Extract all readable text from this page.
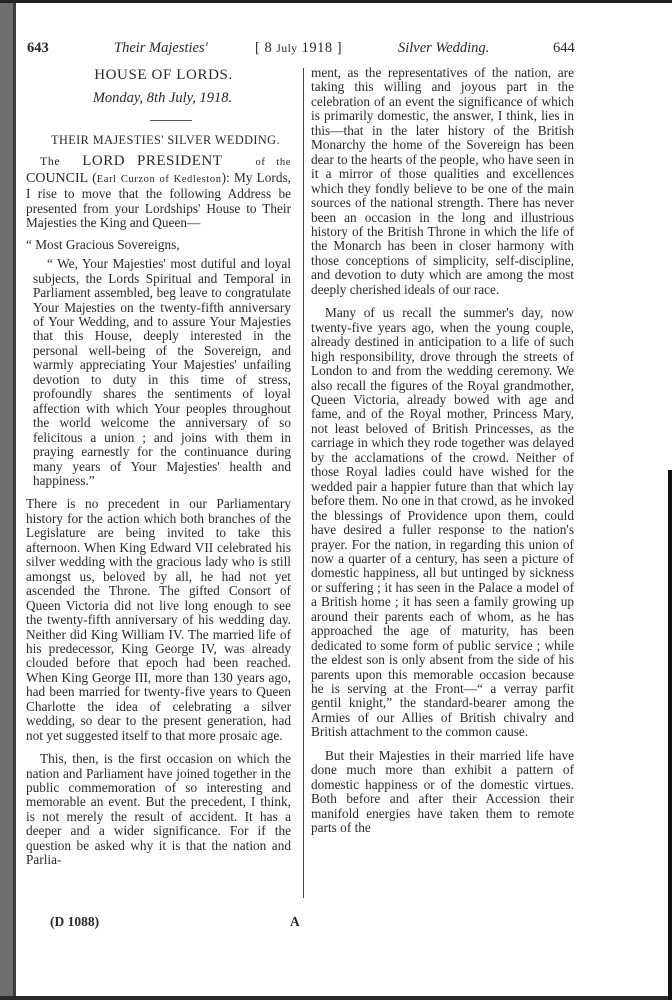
643	Their Majesties'	[ 8 July 1918 ]	Silver Wedding.	644
HOUSE OF LORDS.
Monday, 8th July, 1918.
THEIR MAJESTIES' SILVER WEDDING.

The LORD PRESIDENT	of the COUNCIL (Earl Curzon of Kedleston): My Lords, I rise to move that the following Address be presented from your Lordships' House to Their Majesties the King and Queen—

“ Most Gracious Sovereigns,

“ We, Your Majesties' most dutiful and loyal subjects, the Lords Spiritual and Temporal in Parliament assembled, beg leave to congratulate Your Majesties on the twenty-fifth anniversary of Your Wedding, and to assure Your Majesties that this House, deeply interested in the personal well-being of the Sovereign, and warmly appreciating Your Majesties' unfailing devotion to duty in this time of stress, profoundly shares the sentiments of loyal affection with which Your peoples throughout the world welcome the anniversary of so felicitous a union ; and joins with them in praying earnestly for the continuance during many years of Your Majesties' health and happiness.”

There is no precedent in our Parliamentary history for the action which both branches of the Legislature are being invited to take this afternoon. When King Edward VII celebrated his silver wedding with the gracious lady who is still amongst us, beloved by all, he had not yet ascended the Throne. The gifted Consort of Queen Victoria did not live long enough to see the twenty-fifth anniversary of his wedding day. Neither did King William IV. The married life of his predecessor, King George IV, was already clouded before that epoch had been reached. When King George III, more than 130 years ago, had been married for twenty-five years to Queen Charlotte the idea of celebrating a silver wedding, so dear to the present generation, had not yet suggested itself to that more prosaic age.

This, then, is the first occasion on which the nation and Parliament have joined together in the public commemoration of so interesting and memorable an event. But the precedent, I think, is not merely the result of accident. It has a deeper and a wider significance. For if the question be asked why it is that the nation and Parlia-

ment, as the representatives of the nation, are taking this willing and joyous part in the celebration of an event the significance of which is primarily domestic, the answer, I think, lies in this—that in the later history of the British Monarchy the home of the Sovereign has been dear to the hearts of the people, who have seen in it a mirror of those qualities and excellences which they fondly believe to be one of the main sources of the national strength. There has never been an occasion in the long and illustrious history of the British Throne in which the life of the Monarch has been in closer harmony with those conceptions of simplicity, self-discipline, and devotion to duty which are among the most deeply cherished ideals of our race.

Many of us recall the summer's day, now twenty-five years ago, when the young couple, already destined in anticipation to a life of such high responsibility, drove through the streets of London to and from the wedding ceremony. We also recall the figures of the Royal grandmother, Queen Victoria, already bowed with age and fame, and of the Royal mother, Princess Mary, not least beloved of British Princesses, as the carriage in which they rode together was delayed by the acclamations of the crowd. Neither of those Royal ladies could have wished for the wedded pair a happier future than that which lay before them. No one in that crowd, as he invoked the blessings of Providence upon them, could have desired a fuller response to the nation's prayer. For the nation, in regarding this union of now a quarter of a century, has seen a picture of domestic happiness, all but untinged by sickness or suffering ; it has seen in the Palace a model of a British home ; it has seen a family growing up around their parents each of whom, as he has approached the age of maturity, has been dedicated to some form of public service ; while the eldest son is only absent from the side of his parents upon this memorable occasion because he is serving at the Front—“ a verray parfit gentil knight,” the standard-bearer among the Armies of our Allies of British chivalry and British attachment to the common cause.

But their Majesties in their married life have done much more than exhibit a pattern of domestic happiness or of the domestic virtues. Both before and after their Accession their manifold energies have taken them to remote parts of the

(D 1088)	A
